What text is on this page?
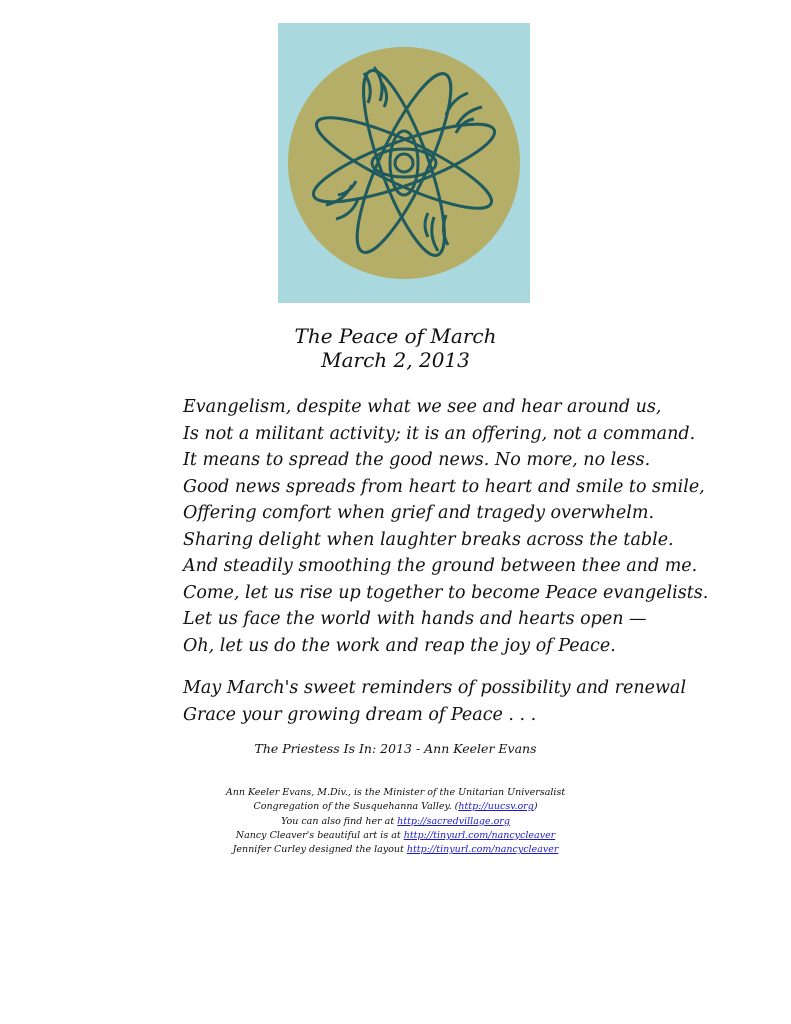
The Peace of March
March 2, 2013
Evangelism, despite what we see and hear around us,
Is not a militant activity; it is an offering, not a command.
It means to spread the good news. No more, no less.
Good news spreads from heart to heart and smile to smile,
Offering comfort when grief and tragedy overwhelm.
Sharing delight when laughter breaks across the table.
And steadily smoothing the ground between thee and me.
Come, let us rise up together to become Peace evangelists.
Let us face the world with hands and hearts open —
Oh, let us do the work and reap the joy of Peace.
May March's sweet reminders of possibility and renewal
Grace your growing dream of Peace . . .
The Priestess Is In: 2013 - Ann Keeler Evans
Ann Keeler Evans, M.Div., is the Minister of the Unitarian Universalist
Congregation of the Susquehanna Valley. (http://uucsv.org)
You can also find her at http://sacredvillage.org
Nancy Cleaver's beautiful art is at http://tinyurl.com/nancycleaver
Jennifer Curley designed the layout http://tinyurl.com/nancycleaver
